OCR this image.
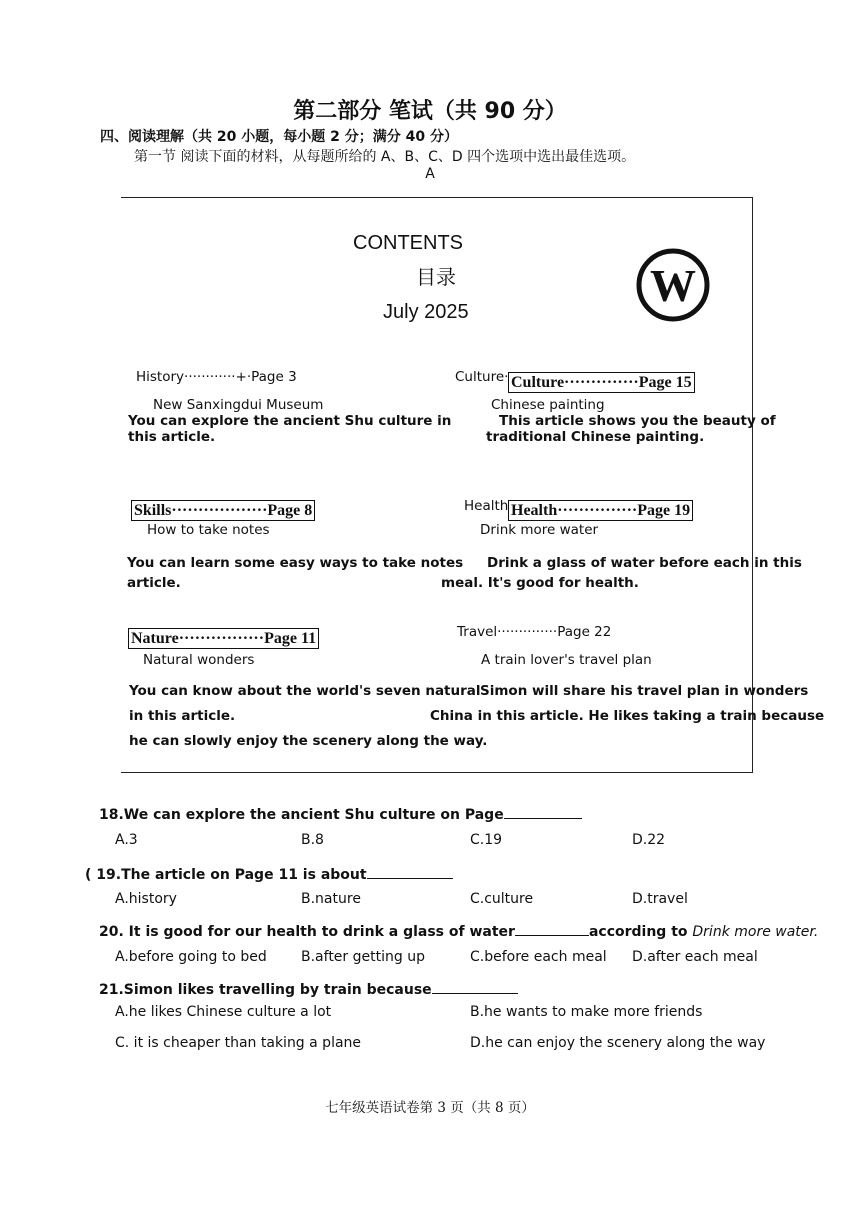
第二部分 笔试（共 90 分）
四、阅读理解（共 20 小题，每小题 2 分；满分 40 分）
第一节 阅读下面的材料，从每题所给的 A、B、C、D 四个选项中选出最佳选项。
A
CONTENTS
目录
July 2025
W
History············+·Page 3
New Sanxingdui Museum
You can explore the ancient Shu culture in
this article.
Culture· Culture··············Page 15
Chinese painting
This article shows you the beauty of
traditional Chinese painting.
Skills··················Page 8
How to take notes
You can learn some easy ways to take notes
article.
Health Health···············Page 19
Drink more water
Drink a glass of water before each in this
meal. It's good for health.
Nature················Page 11
Natural wonders
You can know about the world's seven natural
in this article.
Travel··············Page 22
A train lover's travel plan
Simon will share his travel plan in wonders
China in this article. He likes taking a train because
he can slowly enjoy the scenery along the way.
18.We can explore the ancient Shu culture on Page
A.3	B.8	C.19	D.22
( 19.The article on Page 11 is about
A.history	B.nature	C.culture	D.travel
20. It is good for our health to drink a glass of water	according to Drink more water.
A.before going to bed B.after getting up	C.before each meal D.after each meal
21.Simon likes travelling by train because
A.he likes Chinese culture a lot	B.he wants to make more friends
C. it is cheaper than taking a plane	D.he can enjoy the scenery along the way
七年级英语试卷第 3 页（共 8 页）
